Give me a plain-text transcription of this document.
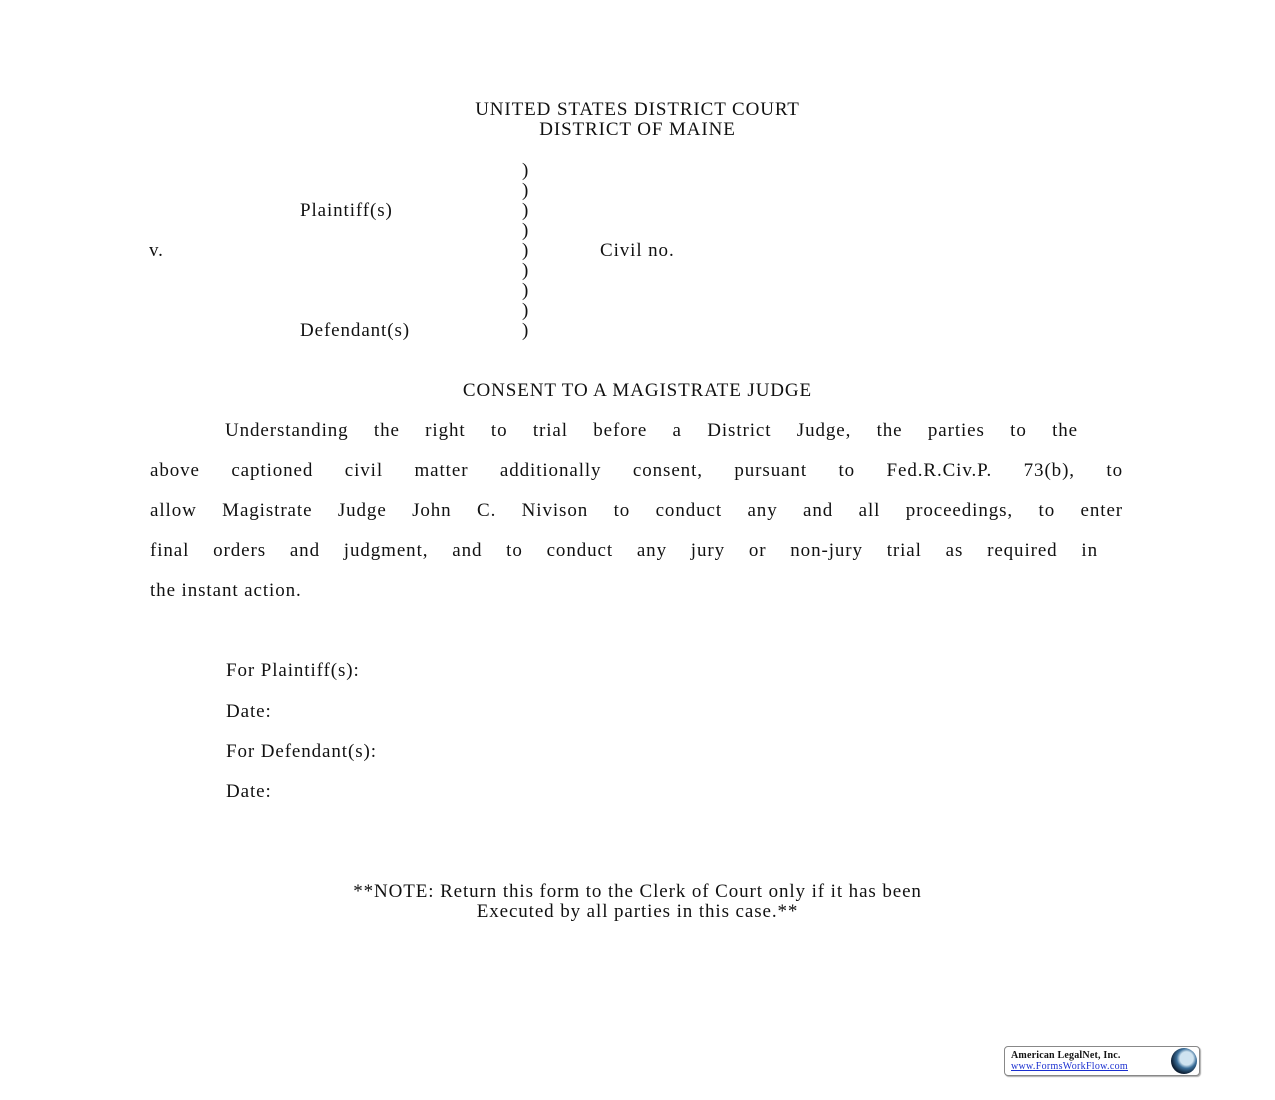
UNITED STATES DISTRICT COURT
DISTRICT OF MAINE
)
)
)
)
)
)
)
)
)
Plaintiff(s)
v.	Civil no.
Defendant(s)
CONSENT TO A MAGISTRATE JUDGE
Understanding the right to trial before a District Judge, the parties to the
above captioned civil matter additionally consent, pursuant to Fed.R.Civ.P. 73(b), to
allow Magistrate Judge John C. Nivison to conduct any and all proceedings, to enter
final orders and judgment, and to conduct any jury or non-jury trial as required in
the instant action.
For Plaintiff(s):
Date:
For Defendant(s):
Date:
**NOTE: Return this form to the Clerk of Court only if it has been
Executed by all parties in this case.**
American LegalNet, Inc.
www.FormsWorkFlow.com
